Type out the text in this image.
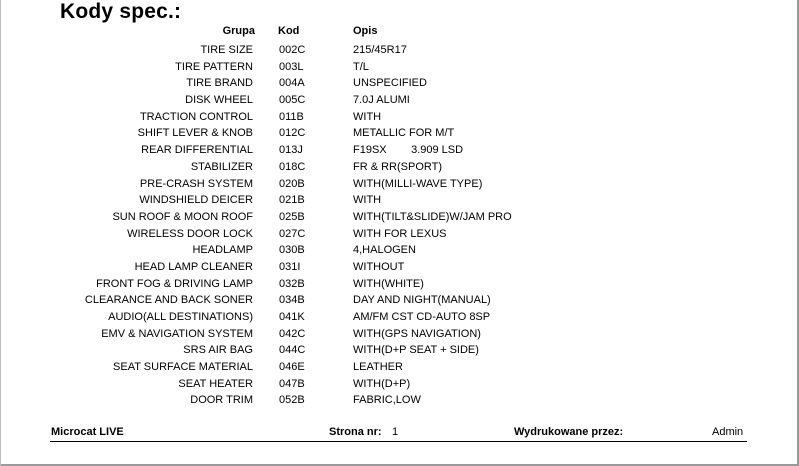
Kody spec.:
Grupa Kod	Opis
TIRE SIZE 002C	215/45R17
TIRE PATTERN 003L	T/L
TIRE BRAND 004A	UNSPECIFIED
DISK WHEEL 005C	7.0J ALUMI
TRACTION CONTROL 011B	WITH
SHIFT LEVER & KNOB 012C	METALLIC FOR M/T
REAR DIFFERENTIAL 013J	F19SX        3.909 LSD
STABILIZER 018C	FR & RR(SPORT)
PRE-CRASH SYSTEM 020B	WITH(MILLI-WAVE TYPE)
WINDSHIELD DEICER 021B	WITH
SUN ROOF & MOON ROOF 025B	WITH(TILT&SLIDE)W/JAM PRO
WIRELESS DOOR LOCK 027C	WITH FOR LEXUS
HEADLAMP 030B	4,HALOGEN
HEAD LAMP CLEANER 031I	WITHOUT
FRONT FOG & DRIVING LAMP 032B	WITH(WHITE)
CLEARANCE AND BACK SONER 034B	DAY AND NIGHT(MANUAL)
AUDIO(ALL DESTINATIONS) 041K	AM/FM CST CD-AUTO 8SP
EMV & NAVIGATION SYSTEM 042C	WITH(GPS NAVIGATION)
SRS AIR BAG 044C	WITH(D+P SEAT + SIDE)
SEAT SURFACE MATERIAL 046E	LEATHER
SEAT HEATER 047B	WITH(D+P)
DOOR TRIM 052B	FABRIC,LOW
Microcat LIVE	Strona nr: 1	Wydrukowane przez:	Admin
